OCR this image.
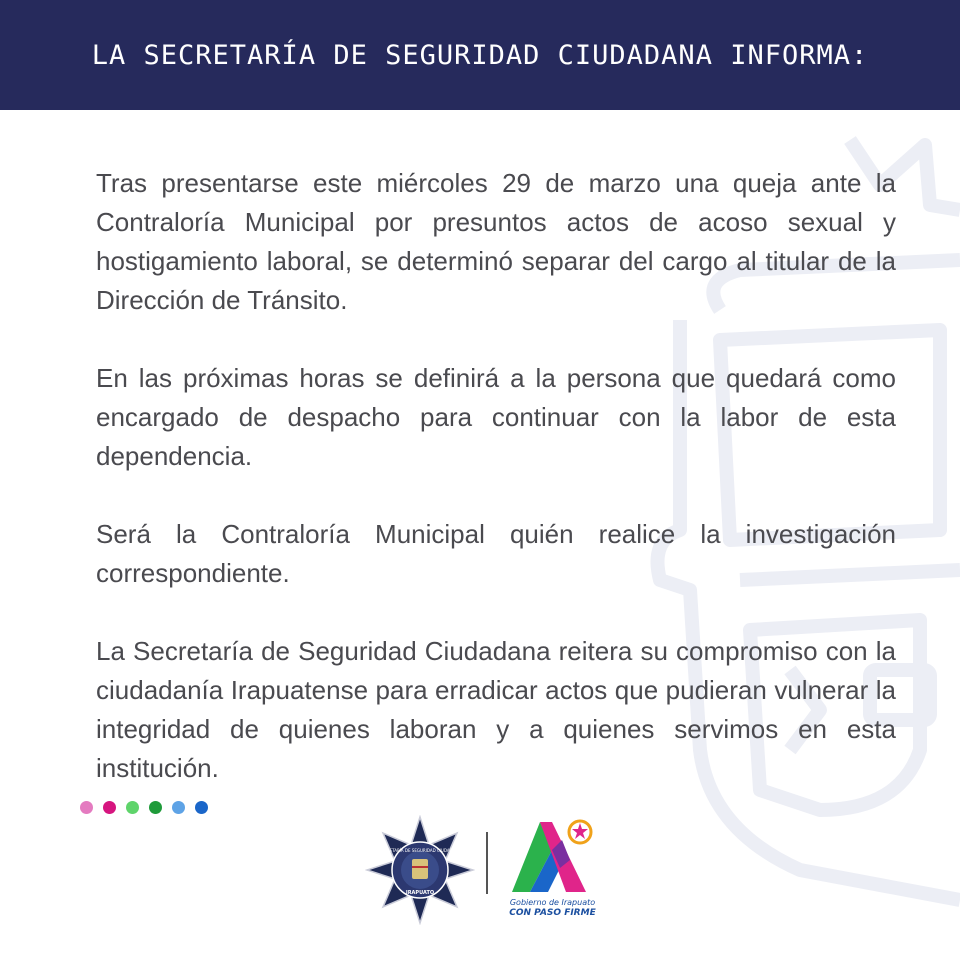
LA SECRETARÍA DE SEGURIDAD CIUDADANA INFORMA:

Tras presentarse este miércoles 29 de marzo una queja ante la Contraloría Municipal por presuntos actos de acoso sexual y hostigamiento laboral, se determinó separar del cargo al titular de la Dirección de Tránsito.

En las próximas horas se definirá a la persona que quedará como encargado de despacho para continuar con la labor de esta dependencia.

Será la Contraloría Municipal quién realice la investigación correspondiente.

La Secretaría de Seguridad Ciudadana reitera su compromiso con la ciudadanía Irapuatense para erradicar actos que pudieran vulnerar la integridad de quienes laboran y a quienes servimos en esta institución.

SECRETARÍA DE SEGURIDAD CIUDADANA
IRAPUATO
Gobierno de Irapuato
CON PASO FIRME
